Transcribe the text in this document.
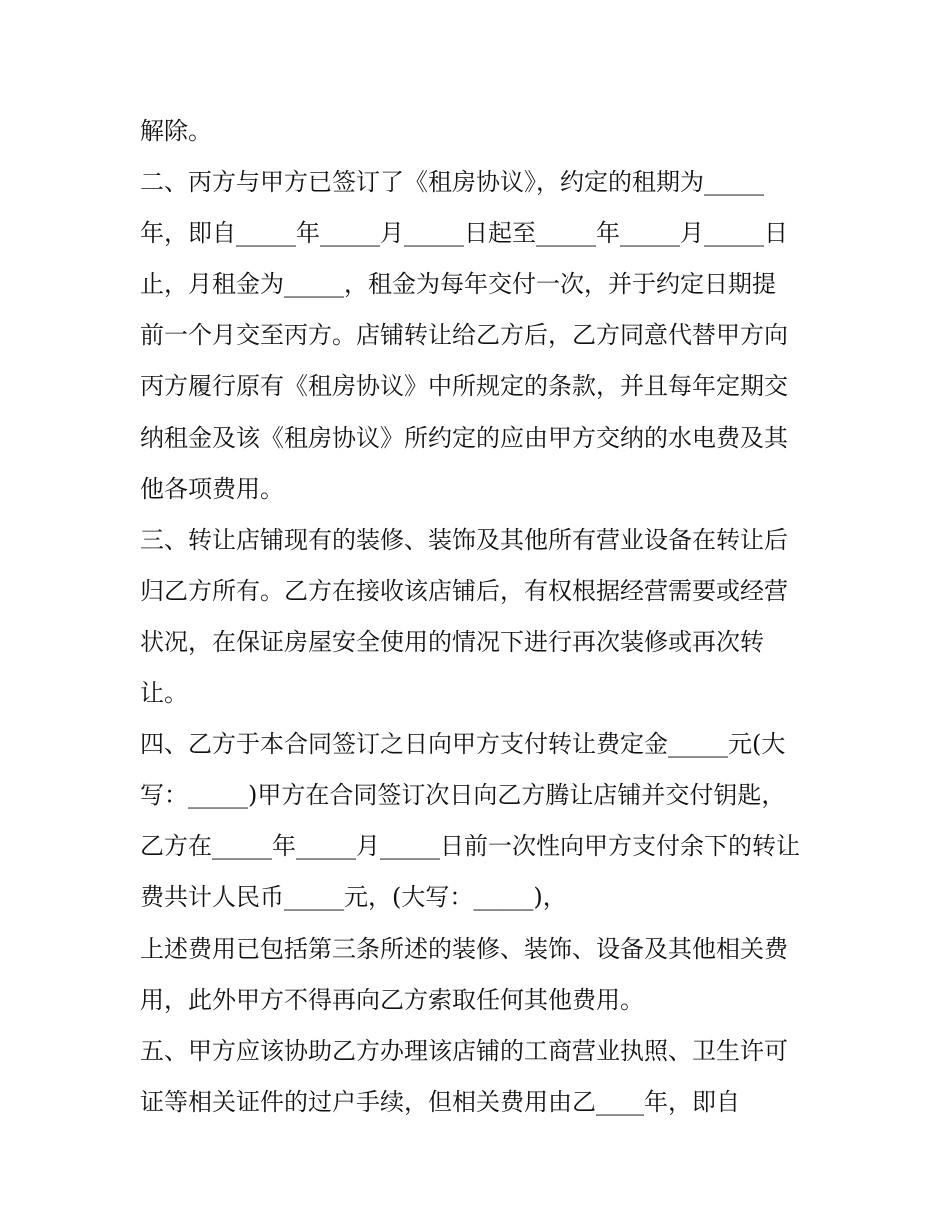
解除。
二、丙方与甲方已签订了《租房协议》，约定的租期为_____
年，即自_____年_____月_____日起至_____年_____月_____日
止，月租金为_____，租金为每年交付一次，并于约定日期提
前一个月交至丙方。店铺转让给乙方后，乙方同意代替甲方向
丙方履行原有《租房协议》中所规定的条款，并且每年定期交
纳租金及该《租房协议》所约定的应由甲方交纳的水电费及其
他各项费用。
三、转让店铺现有的装修、装饰及其他所有营业设备在转让后
归乙方所有。乙方在接收该店铺后，有权根据经营需要或经营
状况，在保证房屋安全使用的情况下进行再次装修或再次转
让。
四、乙方于本合同签订之日向甲方支付转让费定金_____元(大
写：_____)甲方在合同签订次日向乙方腾让店铺并交付钥匙，
乙方在_____年_____月_____日前一次性向甲方支付余下的转让
费共计人民币_____元，(大写：_____)，
上述费用已包括第三条所述的装修、装饰、设备及其他相关费
用，此外甲方不得再向乙方索取任何其他费用。
五、甲方应该协助乙方办理该店铺的工商营业执照、卫生许可
证等相关证件的过户手续，但相关费用由乙____年，即自
